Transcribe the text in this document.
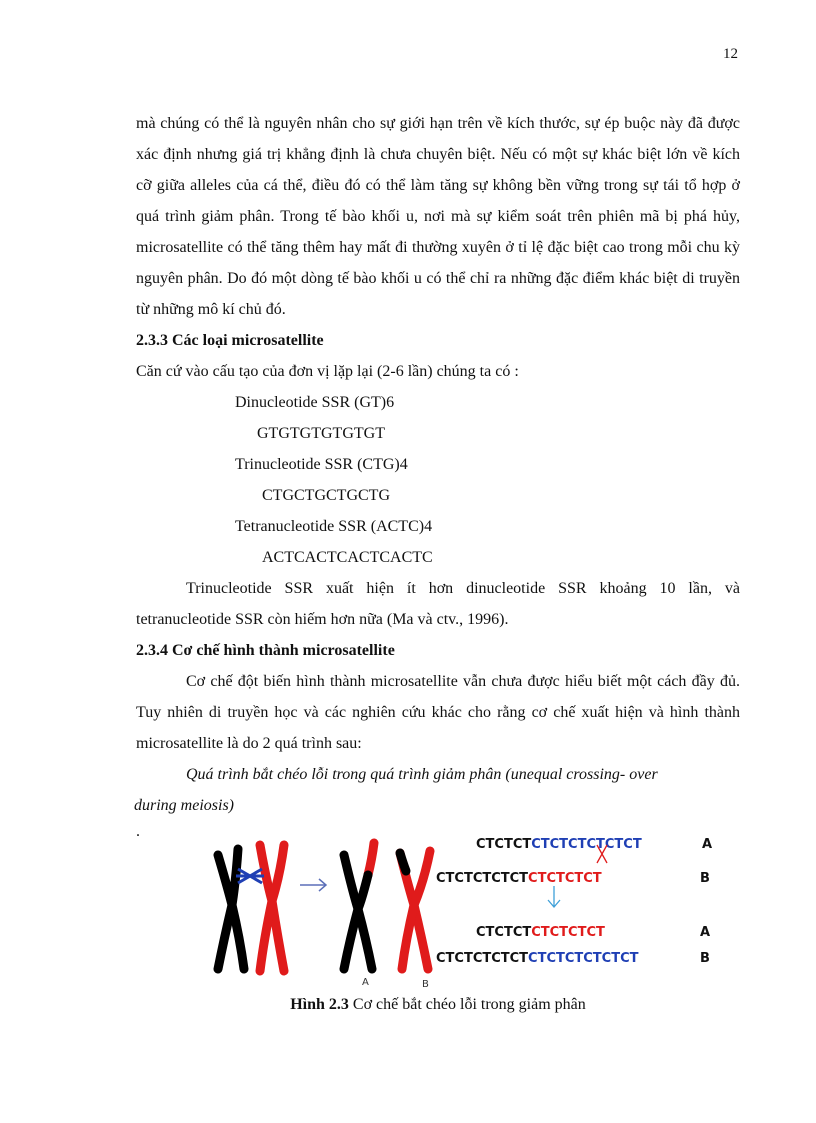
12

mà chúng có thể là nguyên nhân cho sự giới hạn trên về kích thước, sự ép buộc này đã được xác định nhưng giá trị khẳng định là chưa chuyên biệt. Nếu có một sự khác biệt lớn về kích cỡ giữa alleles của cá thể, điều đó có thể làm tăng sự không bền vững trong sự tái tổ hợp ở quá trình giảm phân. Trong tế bào khối u, nơi mà sự kiểm soát trên phiên mã bị phá hủy, microsatellite có thể tăng thêm hay mất đi thường xuyên ở tỉ lệ đặc biệt cao trong mỗi chu kỳ nguyên phân. Do đó một dòng tế bào khối u có thể chỉ ra những đặc điểm khác biệt di truyền từ những mô kí chủ đó.

2.3.3 Các loại microsatellite

Căn cứ vào cấu tạo của đơn vị lặp lại (2-6 lần) chúng ta có :

Dinucleotide SSR (GT)6

GTGTGTGTGTGT

Trinucleotide SSR (CTG)4

CTGCTGCTGCTG

Tetranucleotide SSR (ACTC)4

ACTCACTCACTCACTC

Trinucleotide SSR xuất hiện ít hơn dinucleotide SSR khoảng 10 lần, và tetranucleotide SSR còn hiếm hơn nữa (Ma và ctv., 1996).

2.3.4 Cơ chế hình thành microsatellite

Cơ chế đột biến hình thành microsatellite vẫn chưa được hiểu biết một cách đầy đủ. Tuy nhiên di truyền học và các nghiên cứu khác cho rằng cơ chế xuất hiện và hình thành microsatellite là do 2 quá trình sau:

Quá trình bắt chéo lỗi trong quá trình giảm phân (unequal crossing- over

during meiosis)

.

A	B
CTCTCTCTCTCTCTCTCT	A
CTCTCTCTCTCTCTCTCT	B
CTCTCTCTCTCTCT	A
CTCTCTCTCTCTCTCTCTCTCT	B

Hình 2.3 Cơ chế bắt chéo lỗi trong giảm phân
